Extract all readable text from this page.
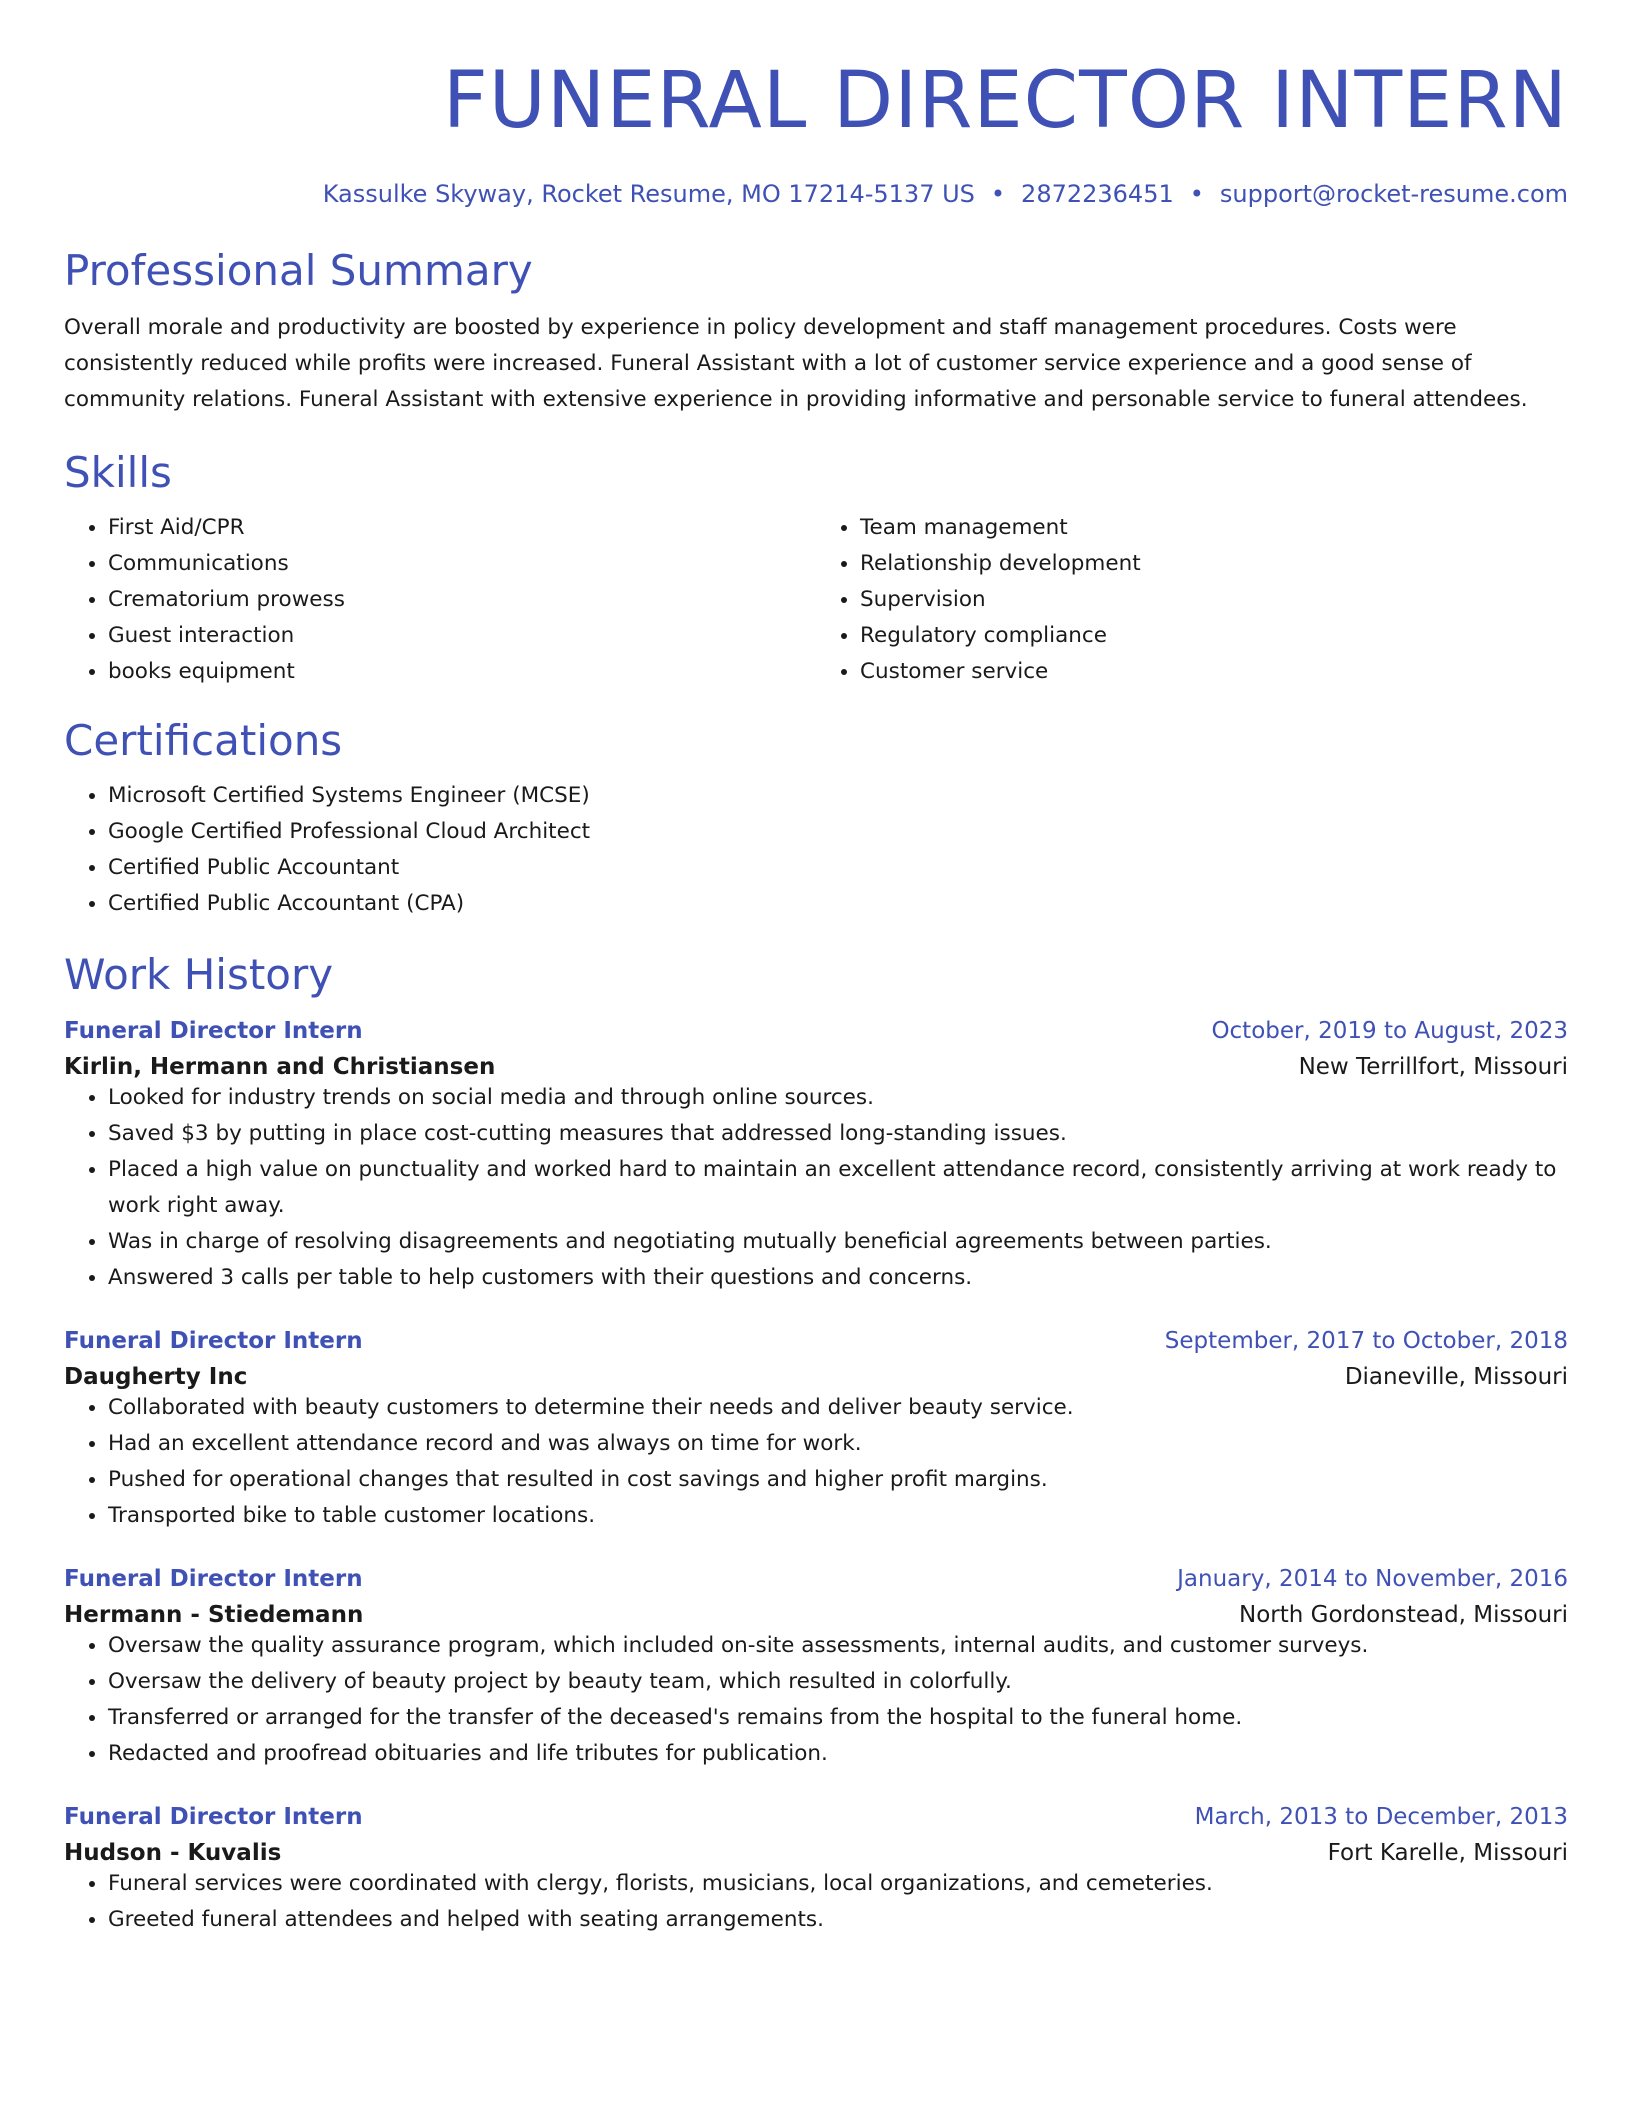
FUNERAL DIRECTOR INTERN
Kassulke Skyway, Rocket Resume, MO 17214-5137 US • 2872236451 • support@rocket-resume.com
Professional Summary

Overall morale and productivity are boosted by experience in policy development and staff management procedures. Costs were consistently reduced while profits were increased. Funeral Assistant with a lot of customer service experience and a good sense of community relations. Funeral Assistant with extensive experience in providing informative and personable service to funeral attendees.

Skills
• First Aid/CPR
• Communications
• Crematorium prowess
• Guest interaction
• books equipment
• Team management
• Relationship development
• Supervision
• Regulatory compliance
• Customer service
Certifications
• Microsoft Certified Systems Engineer (MCSE)
• Google Certified Professional Cloud Architect
• Certified Public Accountant
• Certified Public Accountant (CPA)
Work History
Funeral Director Intern	October, 2019 to August, 2023
Kirlin, Hermann and Christiansen	New Terrillfort, Missouri
• Looked for industry trends on social media and through online sources.
• Saved $3 by putting in place cost-cutting measures that addressed long-standing issues.
• Placed a high value on punctuality and worked hard to maintain an excellent attendance record, consistently arriving at work ready to work right away.
• Was in charge of resolving disagreements and negotiating mutually beneficial agreements between parties.
• Answered 3 calls per table to help customers with their questions and concerns.
Funeral Director Intern	September, 2017 to October, 2018
Daugherty Inc	Dianeville, Missouri
• Collaborated with beauty customers to determine their needs and deliver beauty service.
• Had an excellent attendance record and was always on time for work.
• Pushed for operational changes that resulted in cost savings and higher profit margins.
• Transported bike to table customer locations.
Funeral Director Intern	January, 2014 to November, 2016
Hermann - Stiedemann	North Gordonstead, Missouri
• Oversaw the quality assurance program, which included on-site assessments, internal audits, and customer surveys.
• Oversaw the delivery of beauty project by beauty team, which resulted in colorfully.
• Transferred or arranged for the transfer of the deceased's remains from the hospital to the funeral home.
• Redacted and proofread obituaries and life tributes for publication.
Funeral Director Intern	March, 2013 to December, 2013
Hudson - Kuvalis	Fort Karelle, Missouri
• Funeral services were coordinated with clergy, florists, musicians, local organizations, and cemeteries.
• Greeted funeral attendees and helped with seating arrangements.
